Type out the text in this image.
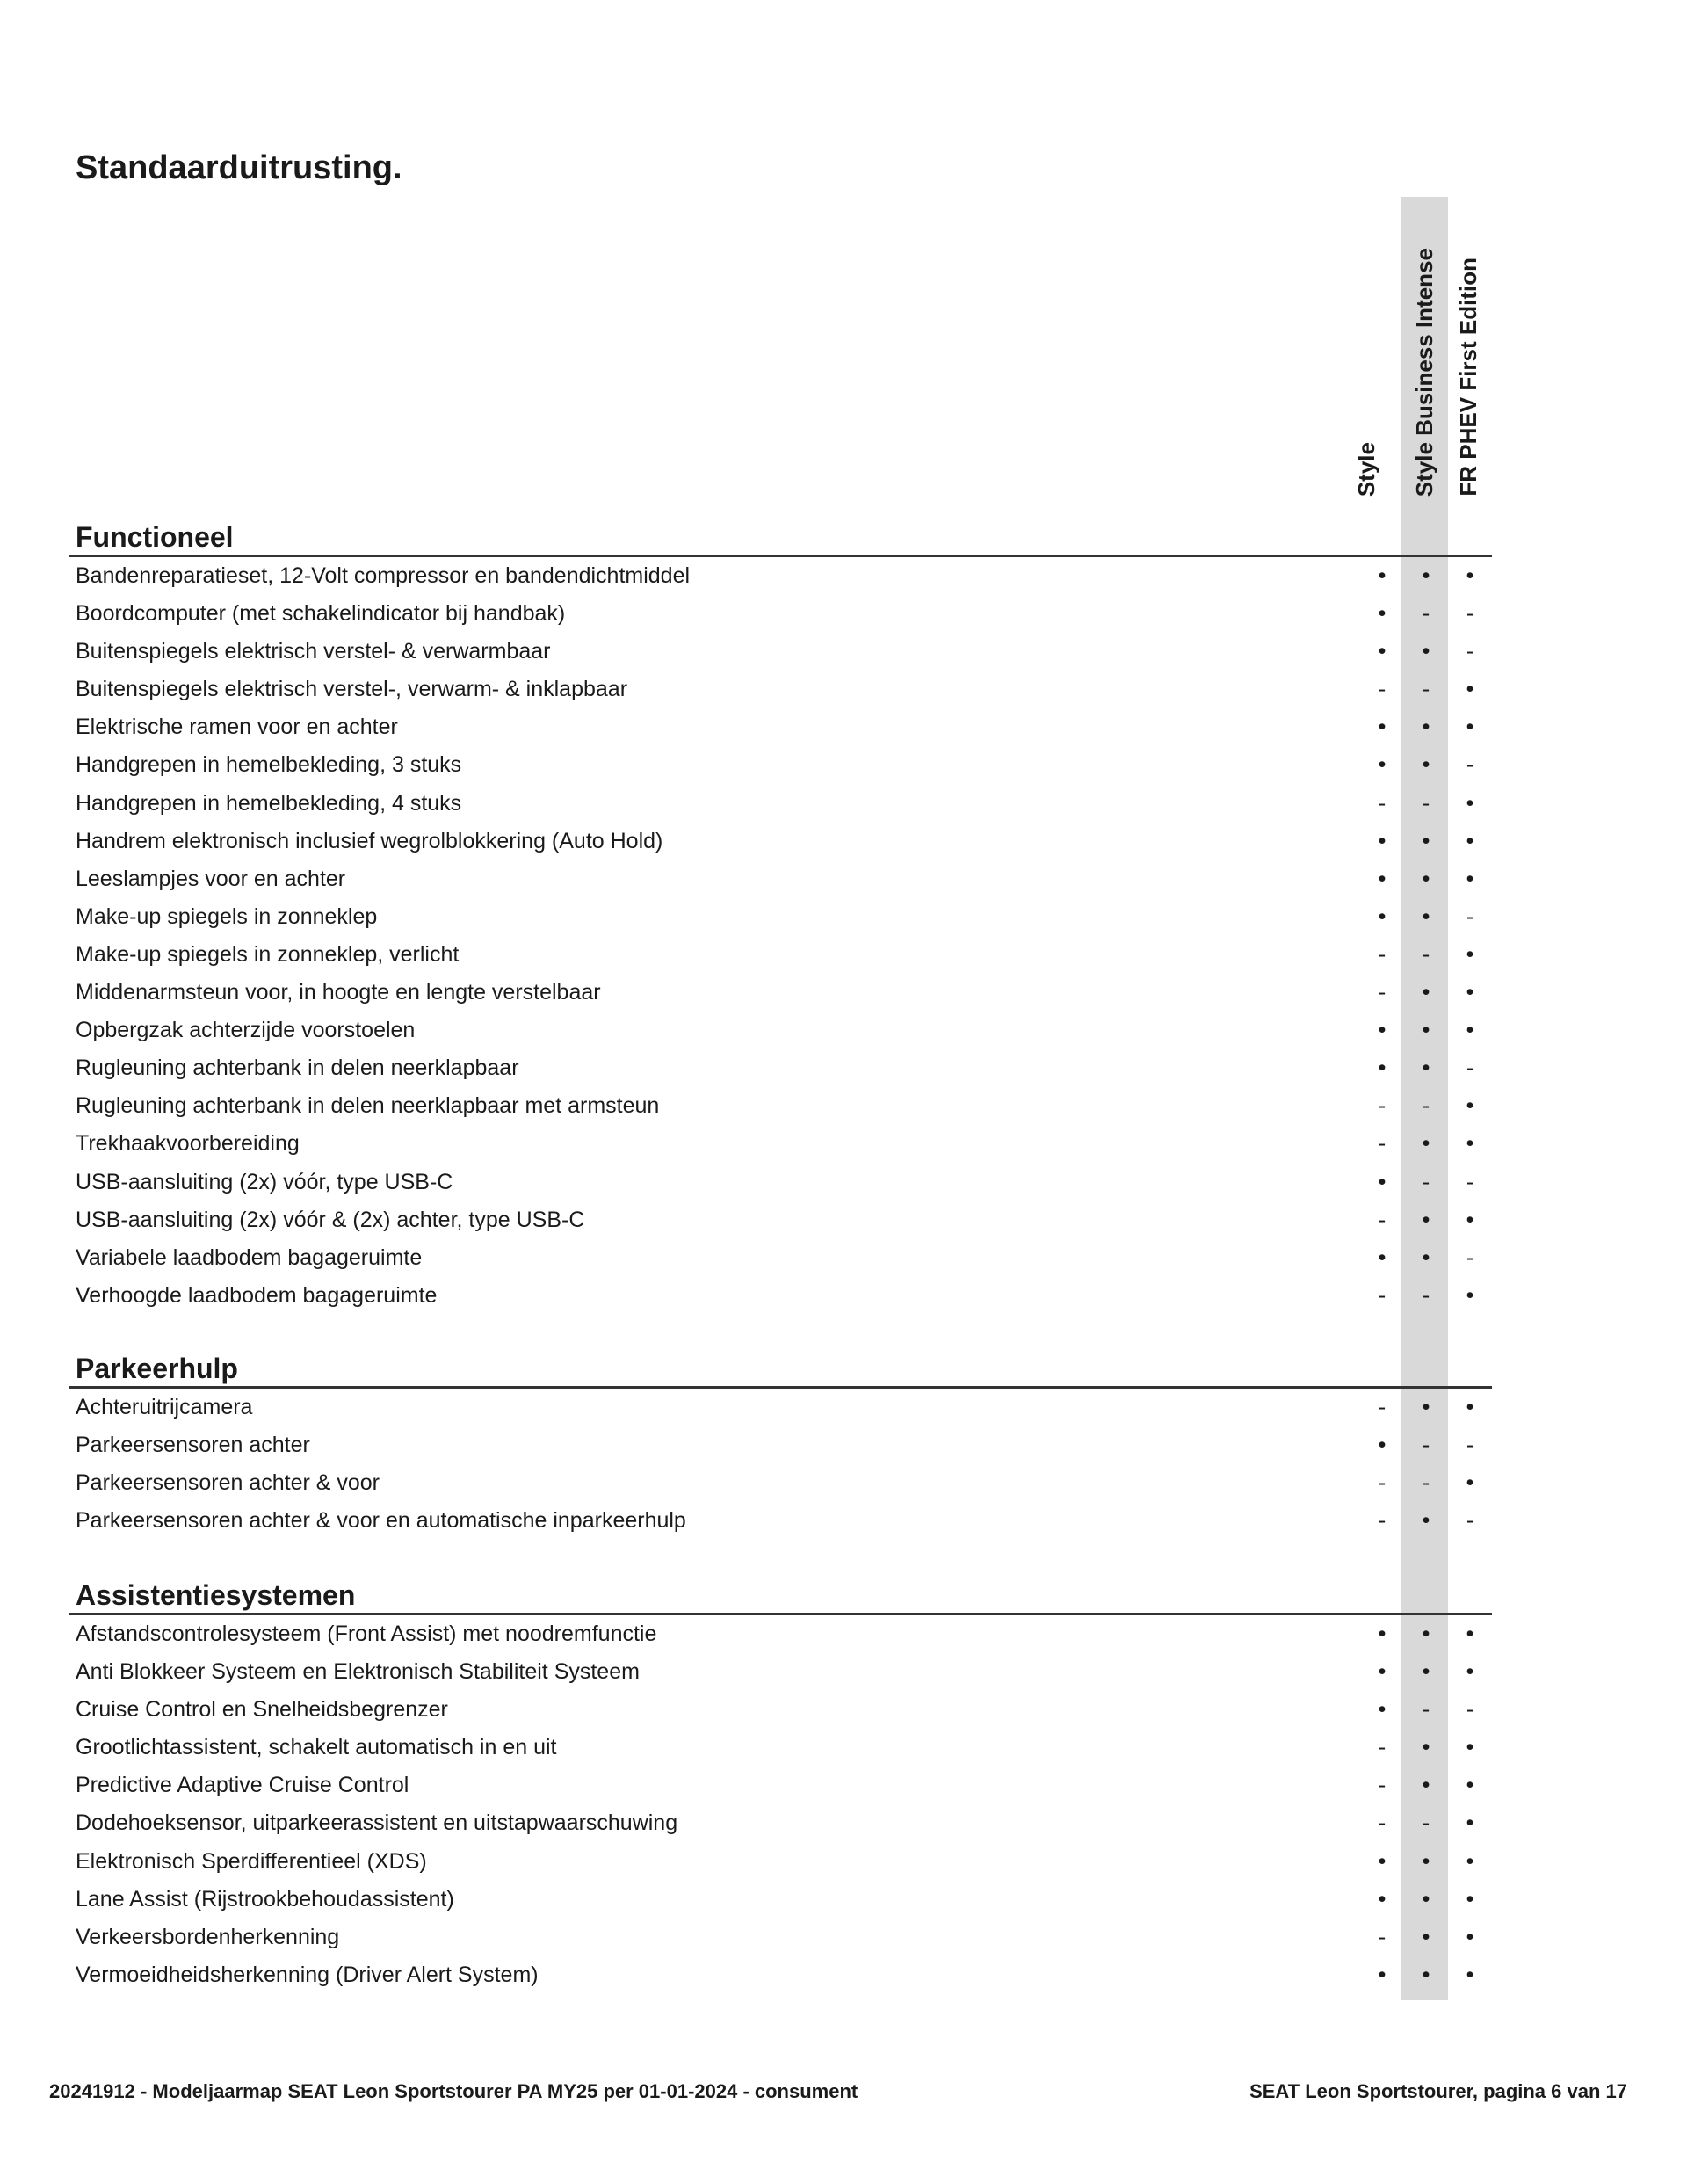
Standaarduitrusting.
Style Style Business Intense FR PHEV First Edition
Functioneel
Bandenreparatieset, 12-Volt compressor en bandendichtmiddel	•	•	•
Boordcomputer (met schakelindicator bij handbak)	•	-	-
Buitenspiegels elektrisch verstel- & verwarmbaar	•	•	-
Buitenspiegels elektrisch verstel-, verwarm- & inklapbaar	-	-	•
Elektrische ramen voor en achter	•	•	•
Handgrepen in hemelbekleding, 3 stuks	•	•	-
Handgrepen in hemelbekleding, 4 stuks	-	-	•
Handrem elektronisch inclusief wegrolblokkering (Auto Hold)	•	•	•
Leeslampjes voor en achter	•	•	•
Make-up spiegels in zonneklep	•	•	-
Make-up spiegels in zonneklep, verlicht	-	-	•
Middenarmsteun voor, in hoogte en lengte verstelbaar	-	•	•
Opbergzak achterzijde voorstoelen	•	•	•
Rugleuning achterbank in delen neerklapbaar	•	•	-
Rugleuning achterbank in delen neerklapbaar met armsteun	-	-	•
Trekhaakvoorbereiding	-	•	•
USB-aansluiting (2x) vóór, type USB-C	•	-	-
USB-aansluiting (2x) vóór & (2x) achter, type USB-C	-	•	•
Variabele laadbodem bagageruimte	•	•	-
Verhoogde laadbodem bagageruimte	-	-	•
Parkeerhulp
Achteruitrijcamera	-	•	•
Parkeersensoren achter	•	-	-
Parkeersensoren achter & voor	-	-	•
Parkeersensoren achter & voor en automatische inparkeerhulp	-	•	-
Assistentiesystemen
Afstandscontrolesysteem (Front Assist) met noodremfunctie	•	•	•
Anti Blokkeer Systeem en Elektronisch Stabiliteit Systeem	•	•	•
Cruise Control en Snelheidsbegrenzer	•	-	-
Grootlichtassistent, schakelt automatisch in en uit	-	•	•
Predictive Adaptive Cruise Control	-	•	•
Dodehoeksensor, uitparkeerassistent en uitstapwaarschuwing	-	-	•
Elektronisch Sperdifferentieel (XDS)	•	•	•
Lane Assist (Rijstrookbehoudassistent)	•	•	•
Verkeersbordenherkenning	-	•	•
Vermoeidheidsherkenning (Driver Alert System)	•	•	•
20241912 - Modeljaarmap SEAT Leon Sportstourer PA MY25 per 01-01-2024 - consument	SEAT Leon Sportstourer, pagina 6 van 17
